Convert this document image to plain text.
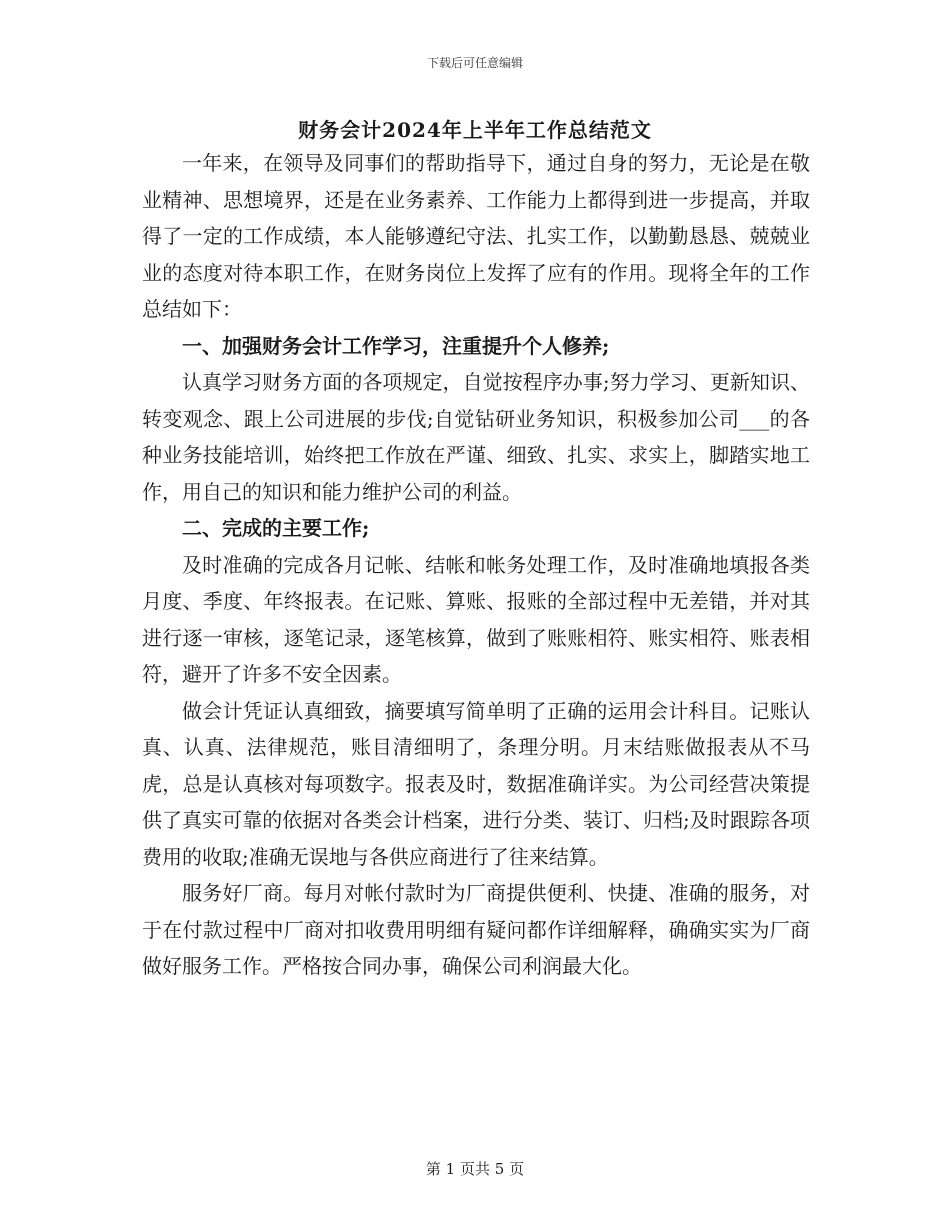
下载后可任意编辑
财务会计2024年上半年工作总结范文

一年来，在领导及同事们的帮助指导下，通过自身的努力，无论是在敬业精神、思想境界，还是在业务素养、工作能力上都得到进一步提高，并取得了一定的工作成绩，本人能够遵纪守法、扎实工作，以勤勤恳恳、兢兢业业的态度对待本职工作，在财务岗位上发挥了应有的作用。现将全年的工作总结如下：

一、加强财务会计工作学习，注重提升个人修养;

认真学习财务方面的各项规定，自觉按程序办事;努力学习、更新知识、转变观念、跟上公司进展的步伐;自觉钻研业务知识，积极参加公司___的各种业务技能培训，始终把工作放在严谨、细致、扎实、求实上，脚踏实地工作，用自己的知识和能力维护公司的利益。

二、完成的主要工作;

及时准确的完成各月记帐、结帐和帐务处理工作，及时准确地填报各类月度、季度、年终报表。在记账、算账、报账的全部过程中无差错，并对其进行逐一审核，逐笔记录，逐笔核算，做到了账账相符、账实相符、账表相符，避开了许多不安全因素。

做会计凭证认真细致，摘要填写简单明了正确的运用会计科目。记账认真、认真、法律规范，账目清细明了，条理分明。月末结账做报表从不马虎，总是认真核对每项数字。报表及时，数据准确详实。为公司经营决策提供了真实可靠的依据对各类会计档案，进行分类、装订、归档;及时跟踪各项费用的收取;准确无误地与各供应商进行了往来结算。

服务好厂商。每月对帐付款时为厂商提供便利、快捷、准确的服务，对于在付款过程中厂商对扣收费用明细有疑问都作详细解释，确确实实为厂商做好服务工作。严格按合同办事，确保公司利润最大化。

第 1 页共 5 页
